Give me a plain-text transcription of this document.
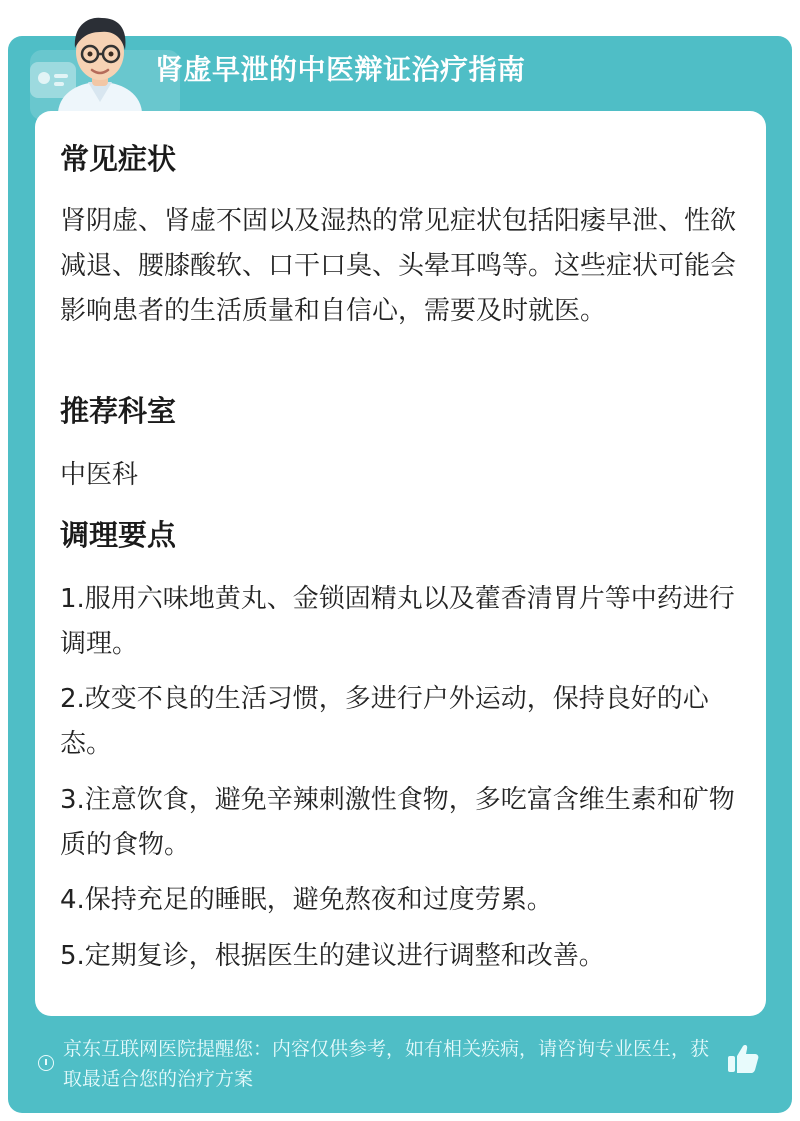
肾虚早泄的中医辩证治疗指南
常见症状
肾阴虚、肾虚不固以及湿热的常见症状包括阳痿早泄、性欲减退、腰膝酸软、口干口臭、头晕耳鸣等。这些症状可能会影响患者的生活质量和自信心，需要及时就医。
推荐科室
中医科
调理要点
1.服用六味地黄丸、金锁固精丸以及藿香清胃片等中药进行调理。
2.改变不良的生活习惯，多进行户外运动，保持良好的心态。
3.注意饮食，避免辛辣刺激性食物，多吃富含维生素和矿物质的食物。
4.保持充足的睡眠，避免熬夜和过度劳累。
5.定期复诊，根据医生的建议进行调整和改善。
京东互联网医院提醒您：内容仅供参考，如有相关疾病，请咨询专业医生，获取最适合您的治疗方案
